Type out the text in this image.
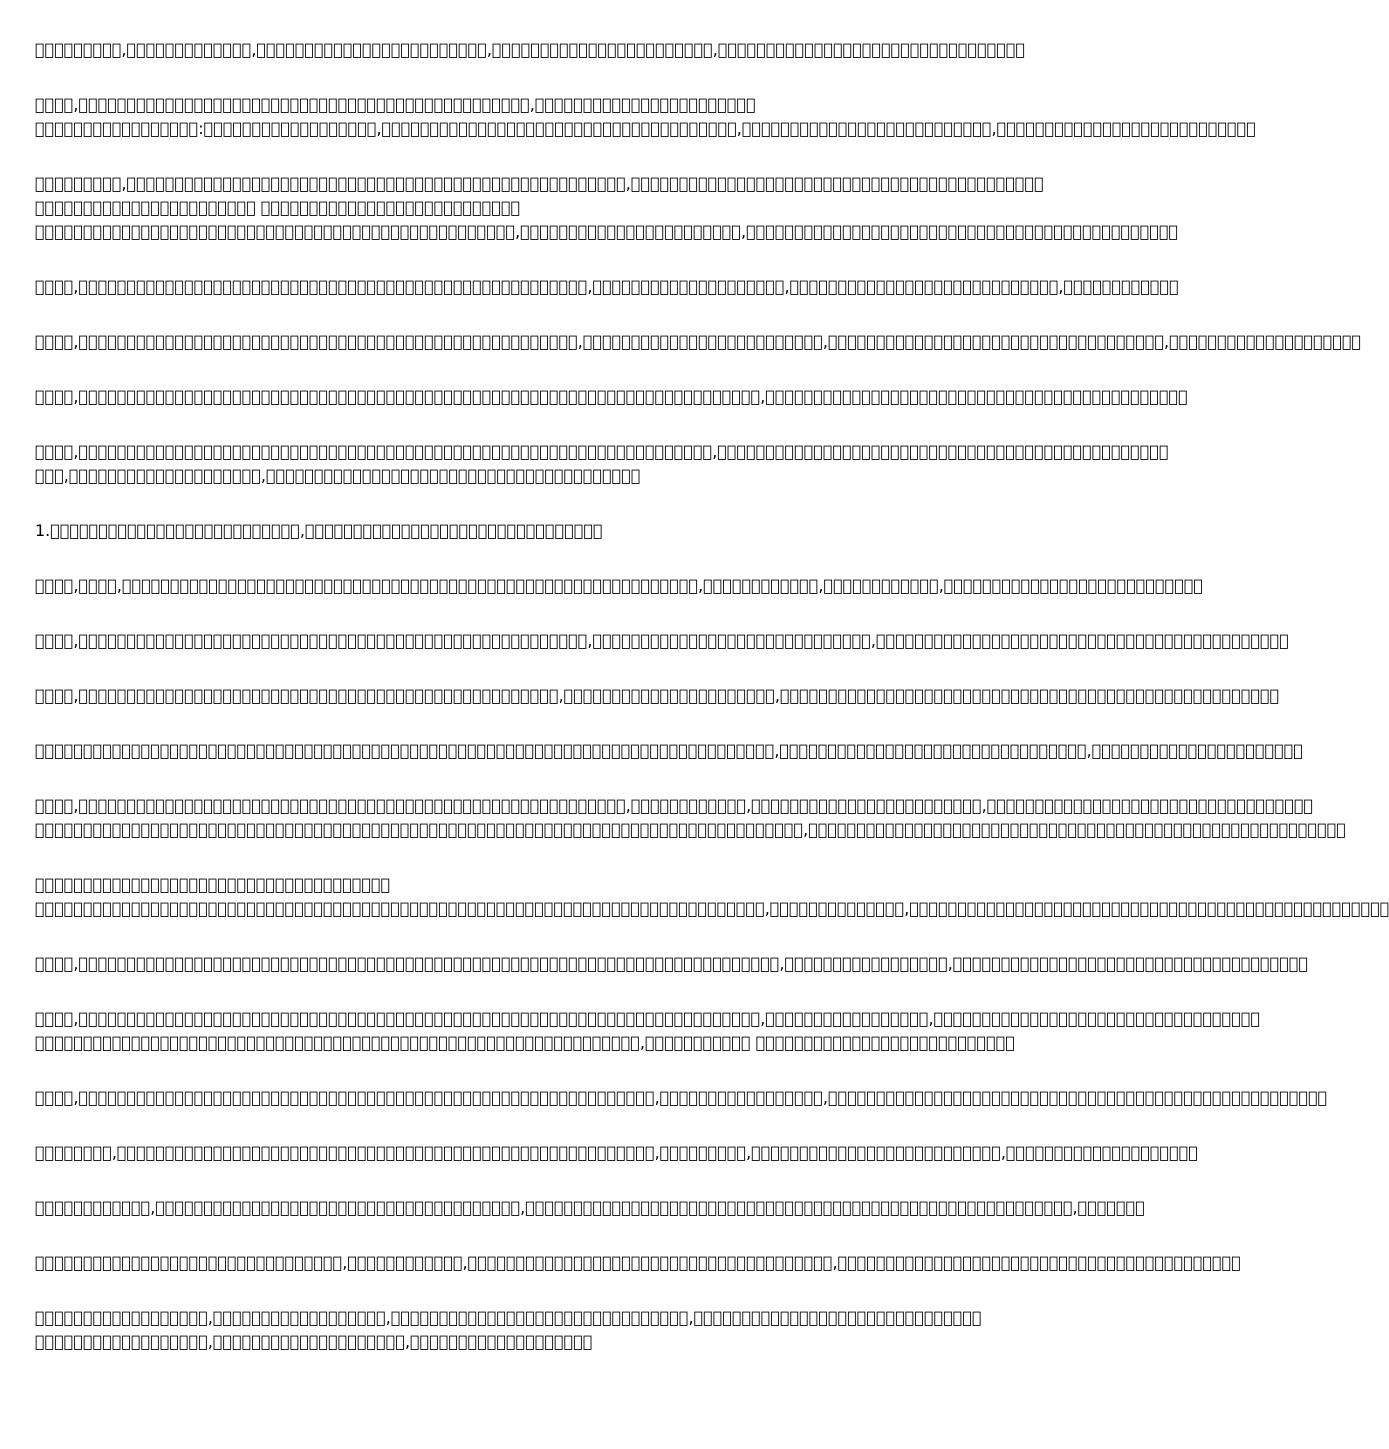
         ,             ,                        ,                       ,                                
    ,                                               ,                       
                 :                  ,                                     ,                          ,                           
         ,                                                    ,                                           
                                                   
                                                  ,                       ,                                             
    ,                                                     ,                    ,                            ,            
    ,                                                    ,                         ,                                   ,                    
    ,                                                                       ,                                            
    ,                                                                  ,                                               
   ,                    ,                                       
1.                          ,                               
    ,    ,                                                            ,            ,            ,                           
    ,                                                     ,                             ,                                           
    ,                                                  ,                      ,                                                    
                                                                             ,                                ,                      
    ,                                                         ,            ,                        ,                                  
                                                                                ,                                                        
                                     
                                                                            ,              ,                                                  
    ,                                                                         ,                 ,                                     
    ,                                                                       ,                 ,                                  
                                                               ,                                       
    ,                                                            ,                 ,                                                    
        ,                                                        ,         ,                          ,                    
            ,                                      ,                                                         ,       
                                ,            ,                                      ,                                          
                  ,                  ,                               ,                              
                  ,                    ,                   
